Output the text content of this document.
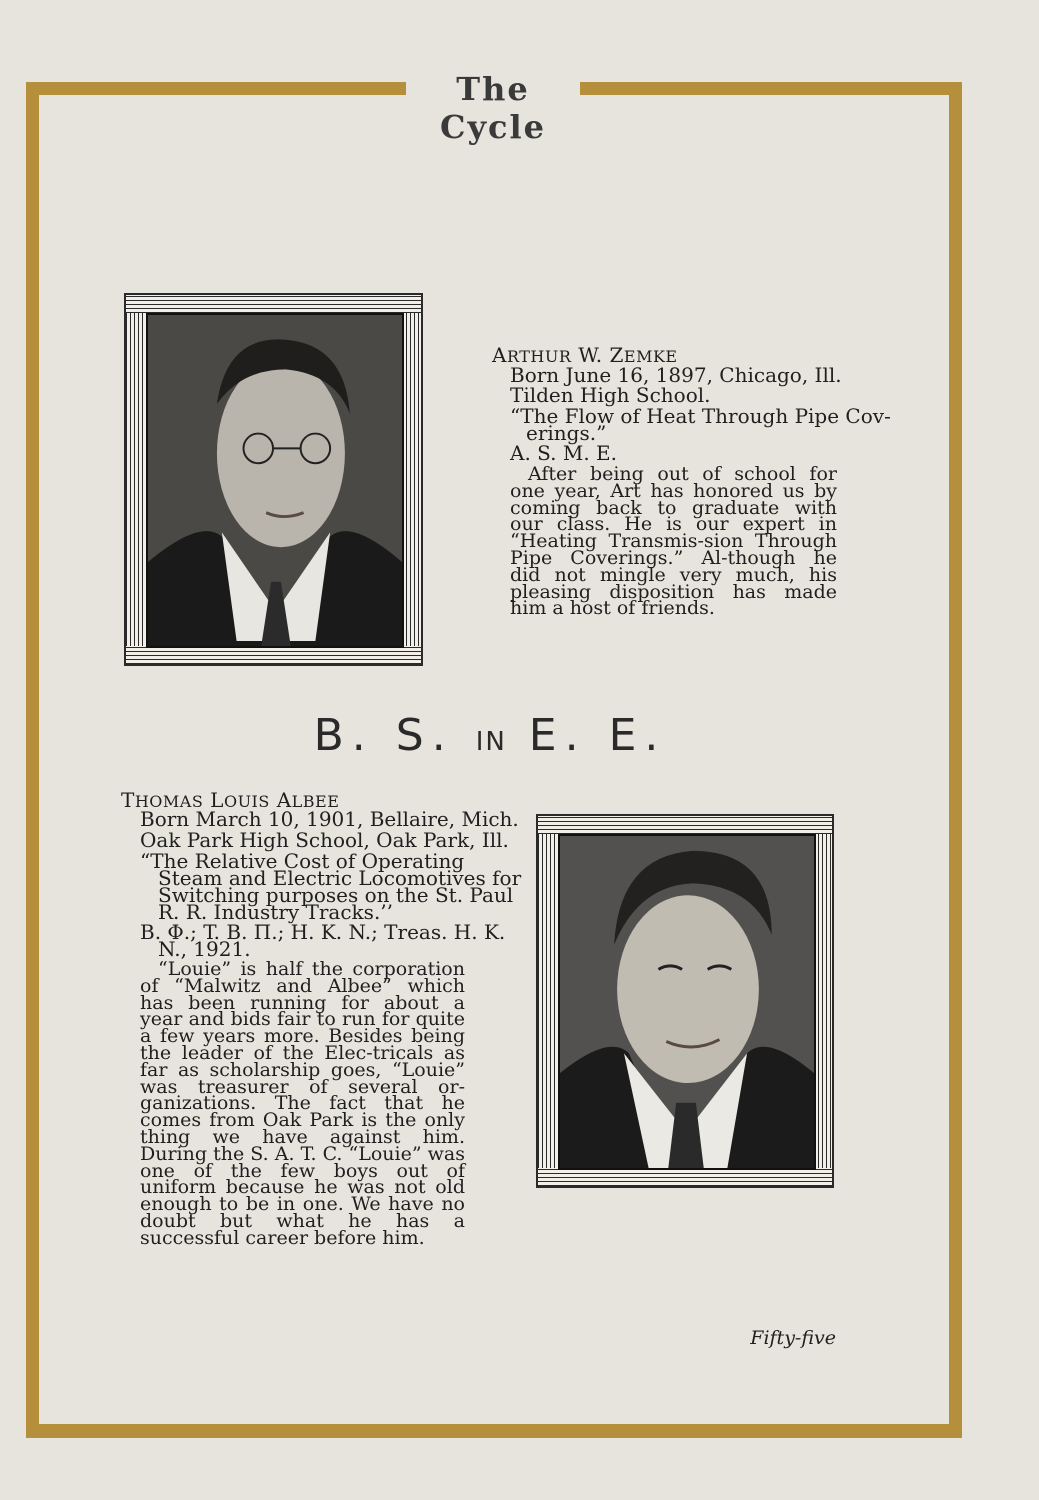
The Cycle
ARTHUR W. ZEMKE
Born June 16, 1897, Chicago, Ill.
Tilden High School.
“The Flow of Heat Through Pipe Cov-
erings.”
A. S. M. E.
After being out of school for one year, Art has honored us by coming back to graduate with our class. He is our expert in “Heating Transmis-sion Through Pipe Coverings.” Al-though he did not mingle very much, his pleasing disposition has made him a host of friends.
B. S. IN E. E.
THOMAS LOUIS ALBEE
Born March 10, 1901, Bellaire, Mich.
Oak Park High School, Oak Park, Ill.
“The Relative Cost of Operating
Steam and Electric Locomotives for
Switching purposes on the St. Paul
R. R. Industry Tracks.’’
B. Φ.; T. B. Π.; H. K. N.; Treas. H. K.
N., 1921.
“Louie” is half the corporation of “Malwitz and Albee” which has been running for about a year and bids fair to run for quite a few years more. Besides being the leader of the Elec-tricals as far as scholarship goes, “Louie” was treasurer of several or-ganizations. The fact that he comes from Oak Park is the only thing we have against him. During the S. A. T. C. “Louie” was one of the few boys out of uniform because he was not old enough to be in one. We have no doubt but what he has a successful career before him.
Fifty-five
